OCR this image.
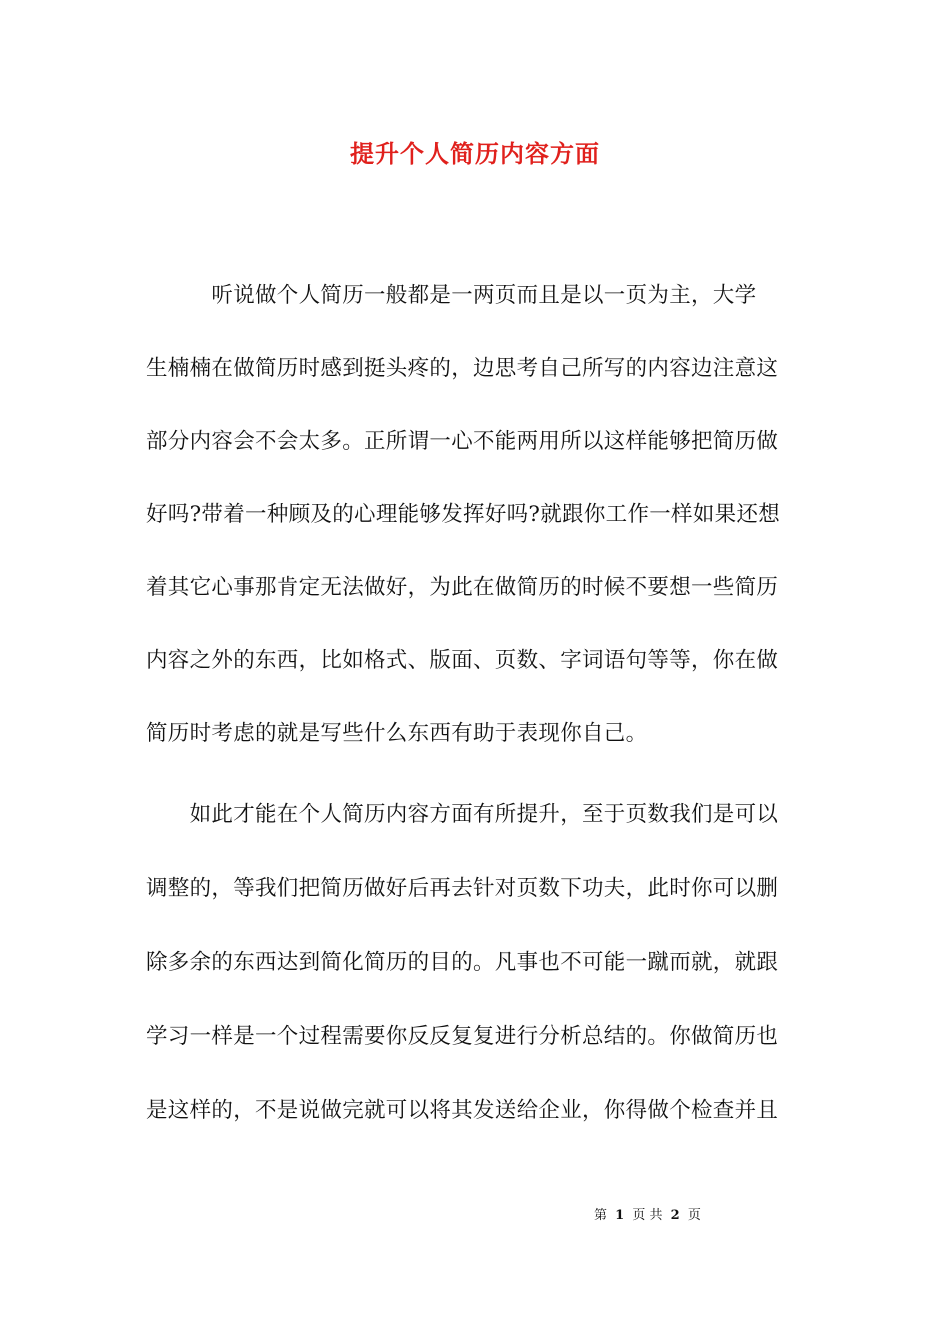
提升个人简历内容方面
　　　听说做个人简历一般都是一两页而且是以一页为主，大学
生楠楠在做简历时感到挺头疼的，边思考自己所写的内容边注意这
部分内容会不会太多。正所谓一心不能两用所以这样能够把简历做
好吗?带着一种顾及的心理能够发挥好吗?就跟你工作一样如果还想
着其它心事那肯定无法做好，为此在做简历的时候不要想一些简历
内容之外的东西，比如格式、版面、页数、字词语句等等，你在做
简历时考虑的就是写些什么东西有助于表现你自己。
　　如此才能在个人简历内容方面有所提升，至于页数我们是可以
调整的，等我们把简历做好后再去针对页数下功夫，此时你可以删
除多余的东西达到简化简历的目的。凡事也不可能一蹴而就，就跟
学习一样是一个过程需要你反反复复进行分析总结的。你做简历也
是这样的，不是说做完就可以将其发送给企业，你得做个检查并且
第 1 页 共 2 页
